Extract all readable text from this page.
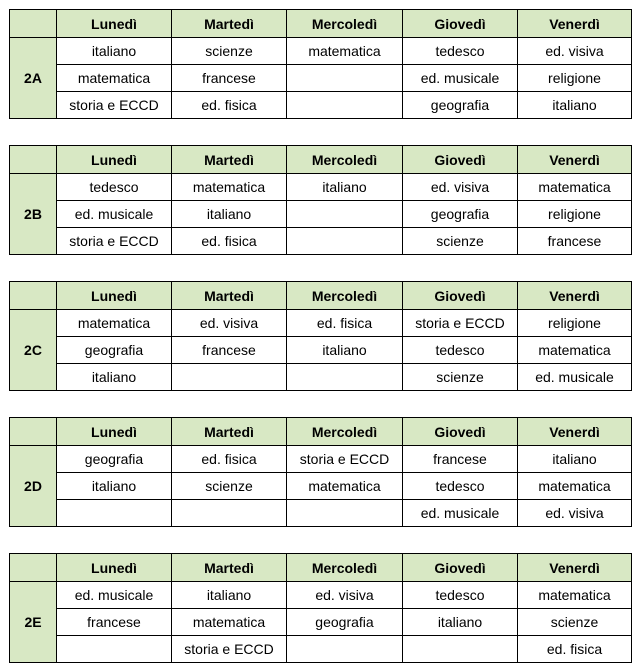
	Lunedì	Martedì	Mercoledì	Giovedì	Venerdì
2A	italiano	scienze	matematica	tedesco	ed. visiva
	matematica	francese		ed. musicale	religione
	storia e ECCD	ed. fisica		geografia	italiano
	Lunedì	Martedì	Mercoledì	Giovedì	Venerdì
2B	tedesco	matematica	italiano	ed. visiva	matematica
	ed. musicale	italiano		geografia	religione
	storia e ECCD	ed. fisica		scienze	francese
	Lunedì	Martedì	Mercoledì	Giovedì	Venerdì
2C	matematica	ed. visiva	ed. fisica	storia e ECCD	religione
	geografia	francese	italiano	tedesco	matematica
	italiano			scienze	ed. musicale
	Lunedì	Martedì	Mercoledì	Giovedì	Venerdì
2D	geografia	ed. fisica	storia e ECCD	francese	italiano
	italiano	scienze	matematica	tedesco	matematica
				ed. musicale	ed. visiva
	Lunedì	Martedì	Mercoledì	Giovedì	Venerdì
2E	ed. musicale	italiano	ed. visiva	tedesco	matematica
	francese	matematica	geografia	italiano	scienze
		storia e ECCD			ed. fisica
